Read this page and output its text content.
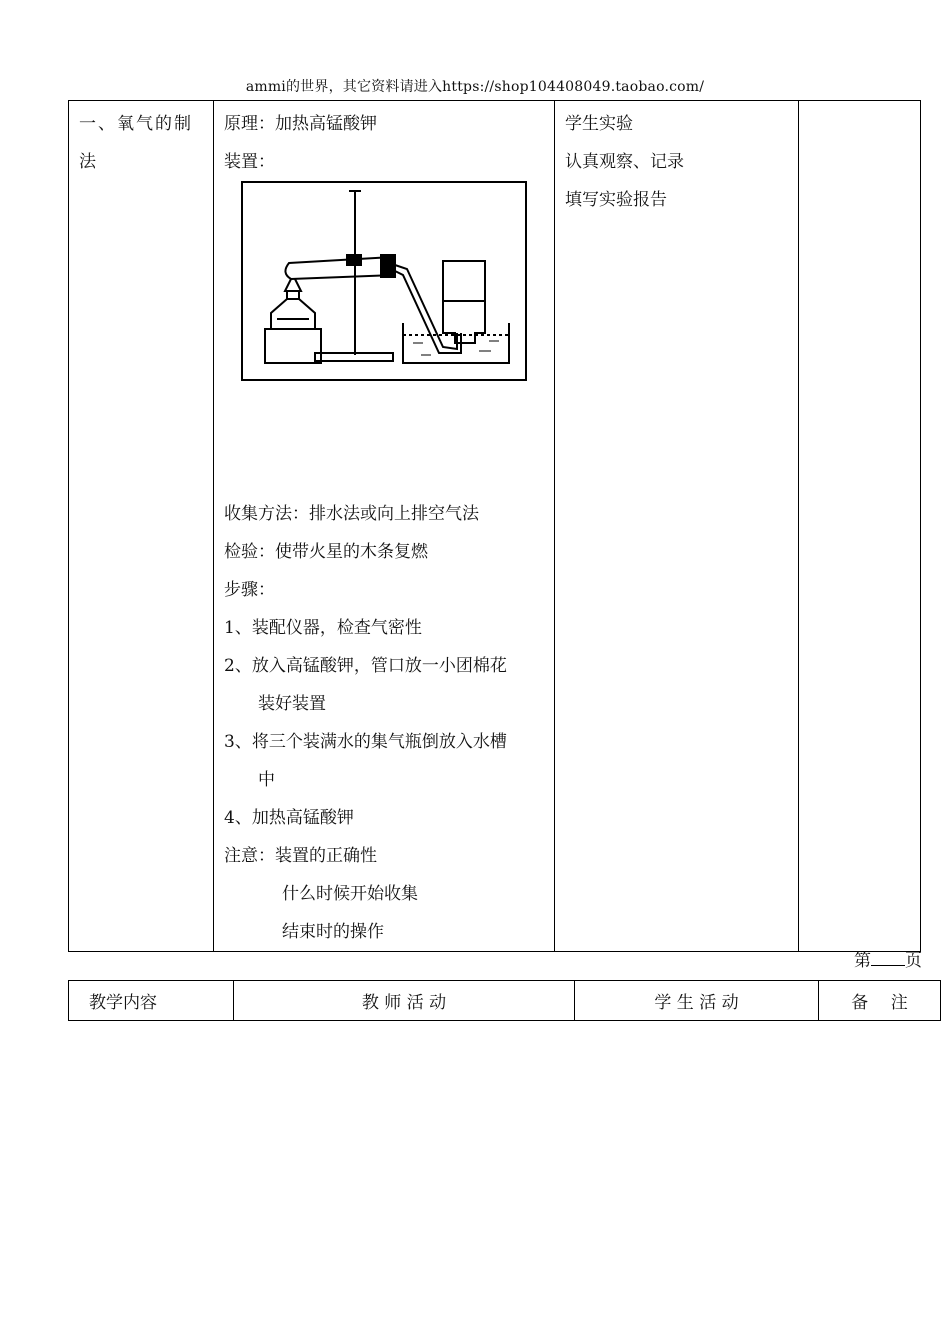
ammi的世界，其它资料请进入https://shop104408049.taobao.com/
一、氧气的制
法

原理：加热高锰酸钾
装置：
收集方法：排水法或向上排空气法
检验：使带火星的木条复燃
步骤：
1、装配仪器，检查气密性
2、放入高锰酸钾，管口放一小团棉花
装好装置
3、将三个装满水的集气瓶倒放入水槽
中
4、加热高锰酸钾
注意：装置的正确性
什么时候开始收集
结束时的操作

学生实验
认真观察、记录
填写实验报告

第 页
教学内容	教 师 活 动	学 生 活 动	备　 注
